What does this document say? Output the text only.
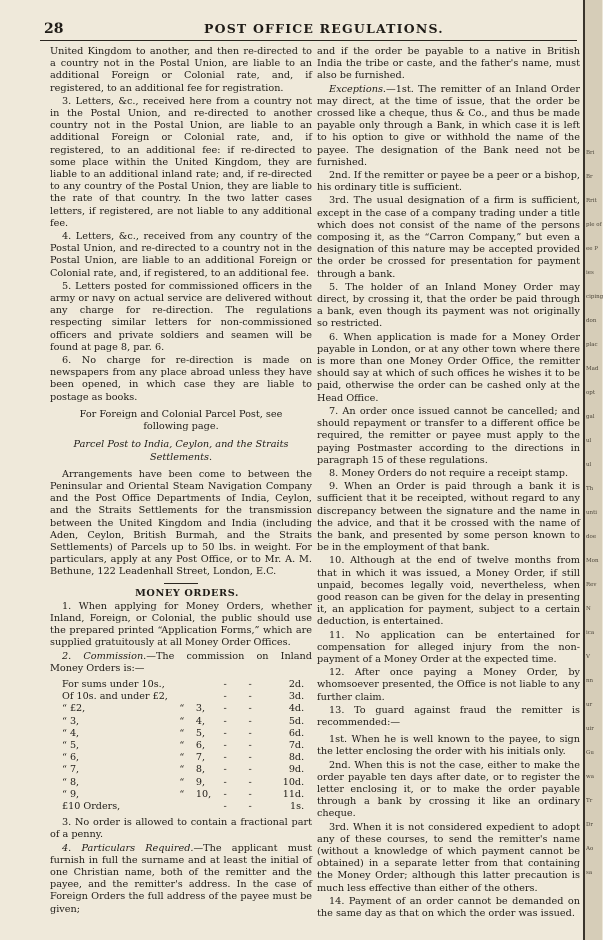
28	POST OFFICE REGULATIONS.

United Kingdom to another, and then re-directed to a country not in the Postal Union, are liable to an additional Foreign or Colonial rate, and, if registered, to an additional fee for registration.

3. Letters, &c., received here from a country not in the Postal Union, and re-directed to another country not in the Postal Union, are liable to an additional Foreign or Colonial rate, and, if registered, to an additional fee: if re-directed to some place within the United Kingdom, they are liable to an additional inland rate; and, if re-directed to any country of the Postal Union, they are liable to the rate of that country. In the two latter cases letters, if registered, are not liable to any additional fee.

4. Letters, &c., received from any country of the Postal Union, and re-directed to a country not in the Postal Union, are liable to an additional Foreign or Colonial rate, and, if registered, to an additional fee.

5. Letters posted for commissioned officers in the army or navy on actual service are delivered without any charge for re-direction. The regulations respecting similar letters for non-commissioned officers and private soldiers and seamen will be found at page 8, par. 6.

6. No charge for re-direction is made on newspapers from any place abroad unless they have been opened, in which case they are liable to postage as books.

For Foreign and Colonial Parcel Post, see following page.

Parcel Post to India, Ceylon, and the Straits Settlements.

Arrangements have been come to between the Peninsular and Oriental Steam Navigation Company and the Post Office Departments of India, Ceylon, and the Straits Settlements for the transmission between the United Kingdom and India (including Aden, Ceylon, British Burmah, and the Straits Settlements) of Parcels up to 50 lbs. in weight. For particulars, apply at any Post Office, or to Mr. A. M. Bethune, 122 Leadenhall Street, London, E.C.

MONEY ORDERS.

1. When applying for Money Orders, whether Inland, Foreign, or Colonial, the public should use the prepared printed “Application Forms,” which are supplied gratuitously at all Money Order Offices.

2. Commission.—The commission on Inland Money Orders is:—

For sums under 10s.,			-	-	2d.
Of 10s. and under £2,			-	-	3d.
“ £2,	“	3,	-	-	4d.
“ 3,	“	4,	-	-	5d.
“ 4,	“	5,	-	-	6d.
“ 5,	“	6,	-	-	7d.
“ 6,	“	7,	-	-	8d.
“ 7,	“	8,	-	-	9d.
“ 8,	“	9,	-	-	10d.
“ 9,	“	10,	-	-	11d.
£10 Orders,			-	-	1s.

3. No order is allowed to contain a fractional part of a penny.

4. Particulars Required.—The applicant must furnish in full the surname and at least the initial of one Christian name, both of the remitter and the payee, and the remitter's address. In the case of Foreign Orders the full address of the payee must be given;

and if the order be payable to a native in British India the tribe or caste, and the father's name, must also be furnished.

Exceptions.—1st. The remitter of an Inland Order may direct, at the time of issue, that the order be crossed like a cheque, thus & Co., and thus be made payable only through a Bank, in which case it is left to his option to give or withhold the name of the payee. The designation of the Bank need not be furnished.

2nd. If the remitter or payee be a peer or a bishop, his ordinary title is sufficient.

3rd. The usual designation of a firm is sufficient, except in the case of a company trading under a title which does not consist of the name of the persons composing it, as the “Carron Company,” but even a designation of this nature may be accepted provided the order be crossed for presentation for payment through a bank.

5. The holder of an Inland Money Order may direct, by crossing it, that the order be paid through a bank, even though its payment was not originally so restricted.

6. When application is made for a Money Order payable in London, or at any other town where there is more than one Money Order Office, the remitter should say at which of such offices he wishes it to be paid, otherwise the order can be cashed only at the Head Office.

7. An order once issued cannot be cancelled; and should repayment or transfer to a different office be required, the remitter or payee must apply to the paying Postmaster according to the directions in paragraph 15 of these regulations.

8. Money Orders do not require a receipt stamp.

9. When an Order is paid through a bank it is sufficient that it be receipted, without regard to any discrepancy between the signature and the name in the advice, and that it be crossed with the name of the bank, and presented by some person known to be in the employment of that bank.

10. Although at the end of twelve months from that in which it was issued, a Money Order, if still unpaid, becomes legally void, nevertheless, when good reason can be given for the delay in presenting it, an application for payment, subject to a certain deduction, is entertained.

11. No application can be entertained for compensation for alleged injury from the non-payment of a Money Order at the expected time.

12. After once paying a Money Order, by whomsoever presented, the Office is not liable to any further claim.

13. To guard against fraud the remitter is recommended:—

1st. When he is well known to the payee, to sign the letter enclosing the order with his initials only.

2nd. When this is not the case, either to make the order payable ten days after date, or to register the letter enclosing it, or to make the order payable through a bank by crossing it like an ordinary cheque.

3rd. When it is not considered expedient to adopt any of these courses, to send the remitter's name (without a knowledge of which payment cannot be obtained) in a separate letter from that containing the Money Order; although this latter precaution is much less effective than either of the others.

14. Payment of an order cannot be demanded on the same day as that on which the order was issued.

Bri
Br
Rrit
ple of
ee P
ies
ciping
don
plac
Mad
opt
gal
ul
ul
Th
unti
doe
Mon
Rev
N
ica
V
nn
ur
uir
Gu
wa
Tr
Dr
Ao
sa
